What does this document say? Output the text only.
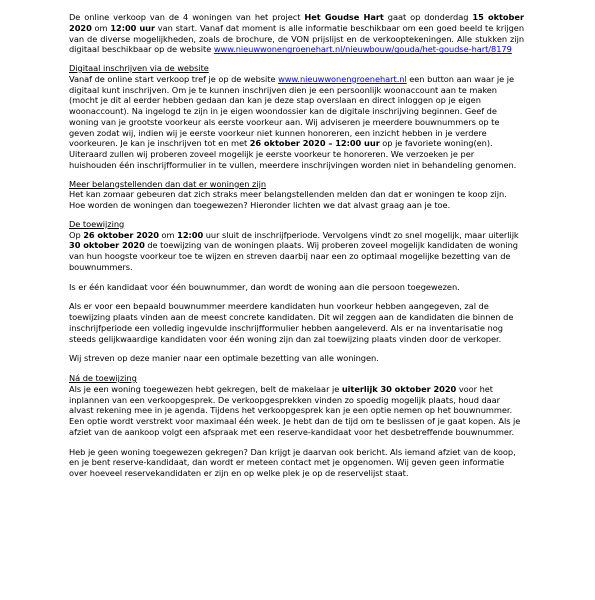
De online verkoop van de 4 woningen van het project Het Goudse Hart gaat op donderdag 15 oktober 2020 om 12:00 uur van start. Vanaf dat moment is alle informatie beschikbaar om een goed beeld te krijgen van de diverse mogelijkheden, zoals de brochure, de VON prijslijst en de verkooptekeningen. Alle stukken zijn digitaal beschikbaar op de website www.nieuwwonengroenehart.nl/nieuwbouw/gouda/het-goudse-hart/8179

Digitaal inschrijven via de website

Vanaf de online start verkoop tref je op de website www.nieuwwonengroenehart.nl een button aan waar je je digitaal kunt inschrijven. Om je te kunnen inschrijven dien je een persoonlijk woonaccount aan te maken (mocht je dit al eerder hebben gedaan dan kan je deze stap overslaan en direct inloggen op je eigen woonaccount). Na ingelogd te zijn in je eigen woondossier kan de digitale inschrijving beginnen. Geef de woning van je grootste voorkeur als eerste voorkeur aan. Wij adviseren je meerdere bouwnummers op te geven zodat wij, indien wij je eerste voorkeur niet kunnen honoreren, een inzicht hebben in je verdere voorkeuren. Je kan je inschrijven tot en met 26 oktober 2020 – 12:00 uur op je favoriete woning(en). Uiteraard zullen wij proberen zoveel mogelijk je eerste voorkeur te honoreren. We verzoeken je per huishouden één inschrijfformulier in te vullen, meerdere inschrijvingen worden niet in behandeling genomen.

Meer belangstellenden dan dat er woningen zijn

Het kan zomaar gebeuren dat zich straks meer belangstellenden melden dan dat er woningen te koop zijn. Hoe worden de woningen dan toegewezen? Hieronder lichten we dat alvast graag aan je toe.

De toewijzing

Op 26 oktober 2020 om 12:00 uur sluit de inschrijfperiode. Vervolgens vindt zo snel mogelijk, maar uiterlijk 30 oktober 2020 de toewijzing van de woningen plaats. Wij proberen zoveel mogelijk kandidaten de woning van hun hoogste voorkeur toe te wijzen en streven daarbij naar een zo optimaal mogelijke bezetting van de bouwnummers.

Is er één kandidaat voor één bouwnummer, dan wordt de woning aan die persoon toegewezen.

Als er voor een bepaald bouwnummer meerdere kandidaten hun voorkeur hebben aangegeven, zal de toewijzing plaats vinden aan de meest concrete kandidaten. Dit wil zeggen aan de kandidaten die binnen de inschrijfperiode een volledig ingevulde inschrijfformulier hebben aangeleverd. Als er na inventarisatie nog steeds gelijkwaardige kandidaten voor één woning zijn dan zal toewijzing plaats vinden door de verkoper.

Wij streven op deze manier naar een optimale bezetting van alle woningen.

Ná de toewijzing

Als je een woning toegewezen hebt gekregen, belt de makelaar je uiterlijk 30 oktober 2020 voor het inplannen van een verkoopgesprek. De verkoopgesprekken vinden zo spoedig mogelijk plaats, houd daar alvast rekening mee in je agenda. Tijdens het verkoopgesprek kan je een optie nemen op het bouwnummer. Een optie wordt verstrekt voor maximaal één week. Je hebt dan de tijd om te beslissen of je gaat kopen. Als je afziet van de aankoop volgt een afspraak met een reserve-kandidaat voor het desbetreffende bouwnummer.

Heb je geen woning toegewezen gekregen? Dan krijgt je daarvan ook bericht. Als iemand afziet van de koop, en je bent reserve-kandidaat, dan wordt er meteen contact met je opgenomen. Wij geven geen informatie over hoeveel reservekandidaten er zijn en op welke plek je op de reservelijst staat.
